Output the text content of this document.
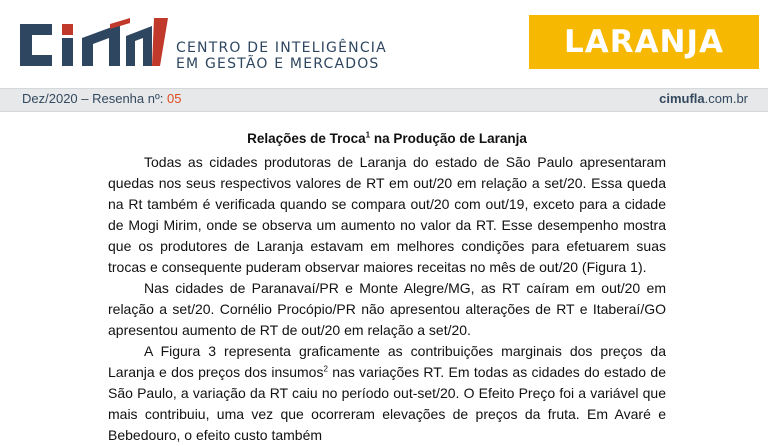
CENTRO DE INTELIGÊNCIA
EM GESTÃO E MERCADOS
LARANJA
Dez/2020 – Resenha nº: 05	cimufla.com.br
Relações de Troca$^1$ na Produção de Laranja

Todas as cidades produtoras de Laranja do estado de São Paulo apresentaram quedas nos seus respectivos valores de RT em out/20 em relação a set/20. Essa queda na Rt também é verificada quando se compara out/20 com out/19, exceto para a cidade de Mogi Mirim, onde se observa um aumento no valor da RT. Esse desempenho mostra que os produtores de Laranja estavam em melhores condições para efetuarem suas trocas e consequente puderam observar maiores receitas no mês de out/20 (Figura 1).

Nas cidades de Paranavaí/PR e Monte Alegre/MG, as RT caíram em out/20 em relação a set/20. Cornélio Procópio/PR não apresentou alterações de RT e Itaberaí/GO apresentou aumento de RT de out/20 em relação a set/20.

A Figura 3 representa graficamente as contribuições marginais dos preços da Laranja e dos preços dos insumos$^2$ nas variações RT. Em todas as cidades do estado de São Paulo, a variação da RT caiu no período out-set/20. O Efeito Preço foi a variável que mais contribuiu, uma vez que ocorreram elevações de preços da fruta. Em Avaré e Bebedouro, o efeito custo também
